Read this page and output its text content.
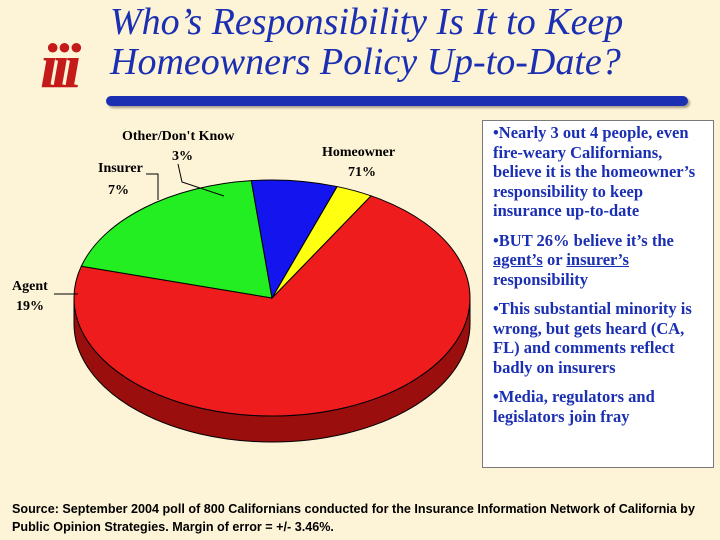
iii
Who’s Responsibility Is It to Keep
Homeowners Policy Up-to-Date?
Other/Don't Know
3%
Insurer
7%
Homeowner
71%
Agent
19%

•Nearly 3 out 4 people, even fire-weary Californians, believe it is the homeowner’s responsibility to keep insurance up-to-date

•BUT 26% believe it’s the agent’s or insurer’s responsibility

•This substantial minority is wrong, but gets heard (CA, FL) and comments reflect badly on insurers

•Media, regulators and legislators join fray

Source: September 2004 poll of 800 Californians conducted for the Insurance Information Network of California by Public Opinion Strategies. Margin of error = +/- 3.46%.
